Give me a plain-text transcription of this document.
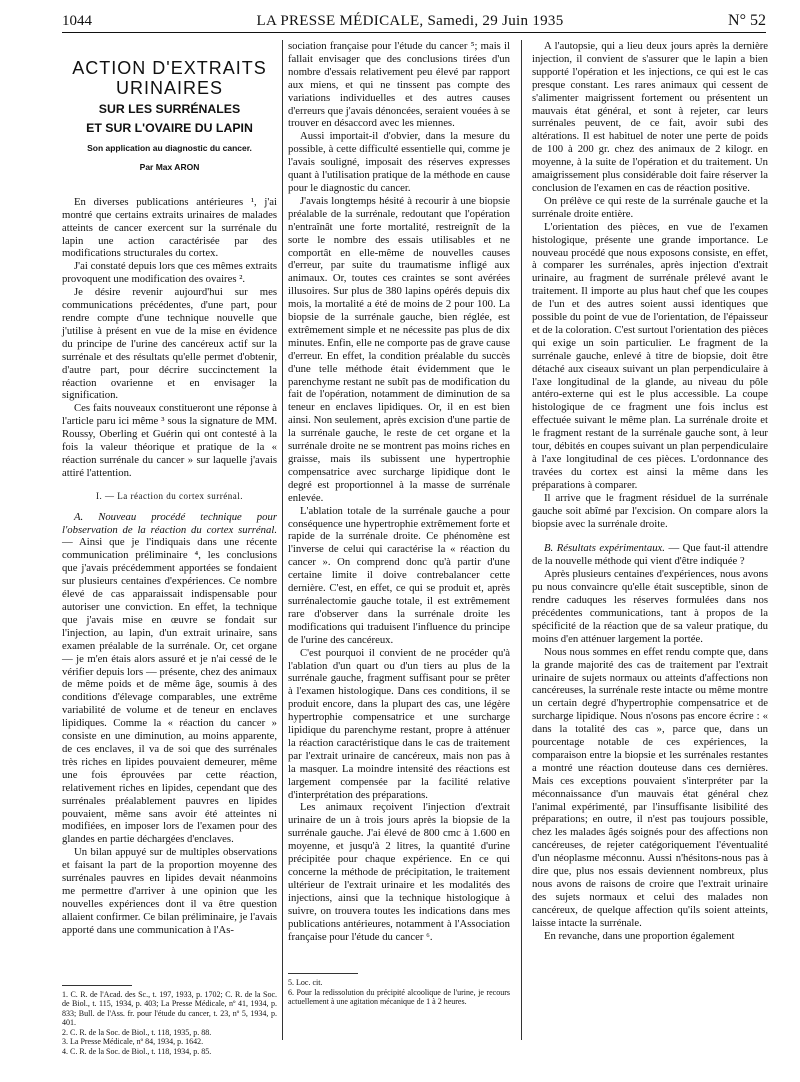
1044	LA PRESSE MÉDICALE, Samedi, 29 Juin 1935	N° 52
ACTION D'EXTRAITS URINAIRES
SUR LES SURRÉNALES
ET SUR L'OVAIRE DU LAPIN
Son application au diagnostic du cancer.
Par Max ARON

En diverses publications antérieures ¹, j'ai montré que certains extraits urinaires de malades atteints de cancer exercent sur la surrénale du lapin une action caractérisée par des modifications structurales du cortex.

J'ai constaté depuis lors que ces mêmes extraits provoquent une modification des ovaires ².

Je désire revenir aujourd'hui sur mes communications précédentes, d'une part, pour rendre compte d'une technique nouvelle que j'utilise à présent en vue de la mise en évidence du principe de l'urine des cancéreux actif sur la surrénale et des résultats qu'elle permet d'obtenir, d'autre part, pour décrire succinctement la réaction ovarienne et en envisager la signification.

Ces faits nouveaux constitueront une réponse à l'article paru ici même ³ sous la signature de MM. Roussy, Oberling et Guérin qui ont contesté à la fois la valeur théorique et pratique de la « réaction surrénale du cancer » sur laquelle j'avais attiré l'attention.

I. — La réaction du cortex surrénal.

A. Nouveau procédé technique pour l'observation de la réaction du cortex surrénal. — Ainsi que je l'indiquais dans une récente communication préliminaire ⁴, les conclusions que j'avais précédemment apportées se fondaient sur plusieurs centaines d'expériences. Ce nombre élevé de cas apparaissait indispensable pour autoriser une conviction. En effet, la technique que j'avais mise en œuvre se fondait sur l'injection, au lapin, d'un extrait urinaire, sans examen préalable de la surrénale. Or, cet organe — je m'en étais alors assuré et je n'ai cessé de le vérifier depuis lors — présente, chez des animaux de même poids et de même âge, soumis à des conditions d'élevage comparables, une extrême variabilité de volume et de teneur en enclaves lipidiques. Comme la « réaction du cancer » consiste en une diminution, au moins apparente, de ces enclaves, il va de soi que des surrénales très riches en lipides pouvaient demeurer, même une fois éprouvées par cette réaction, relativement riches en lipides, cependant que des surrénales préalablement pauvres en lipides pouvaient, même sans avoir été atteintes ni modifiées, en imposer lors de l'examen pour des glandes en partie déchargées d'enclaves.

Un bilan appuyé sur de multiples observations et faisant la part de la proportion moyenne des surrénales pauvres en lipides devait néanmoins me permettre d'arriver à une opinion que les nouvelles expériences dont il va être question allaient confirmer. Ce bilan préliminaire, je l'avais apporté dans une communication à l'As-

1. C. R. de l'Acad. des Sc., t. 197, 1933, p. 1702; C. R. de la Soc. de Biol., t. 115, 1934, p. 403; La Presse Médicale, nº 41, 1934, p. 833; Bull. de l'Ass. fr. pour l'étude du cancer, t. 23, nº 5, 1934, p. 401.
2. C. R. de la Soc. de Biol., t. 118, 1935, p. 88.
3. La Presse Médicale, nº 84, 1934, p. 1642.
4. C. R. de la Soc. de Biol., t. 118, 1934, p. 85.

sociation française pour l'étude du cancer ⁵; mais il fallait envisager que des conclusions tirées d'un nombre d'essais relativement peu élevé par rapport aux miens, et qui ne tinssent pas compte des variations individuelles et des autres causes d'erreurs que j'avais dénoncées, seraient vouées à se trouver en désaccord avec les miennes.

Aussi importait-il d'obvier, dans la mesure du possible, à cette difficulté essentielle qui, comme je l'avais souligné, imposait des réserves expresses quant à l'utilisation pratique de la méthode en cause pour le diagnostic du cancer.

J'avais longtemps hésité à recourir à une biopsie préalable de la surrénale, redoutant que l'opération n'entraînât une forte mortalité, restreignît de la sorte le nombre des essais utilisables et ne comportât en elle-même de nouvelles causes d'erreur, par suite du traumatisme infligé aux animaux. Or, toutes ces craintes se sont avérées illusoires. Sur plus de 380 lapins opérés depuis dix mois, la mortalité a été de moins de 2 pour 100. La biopsie de la surrénale gauche, bien réglée, est extrêmement simple et ne nécessite pas plus de dix minutes. Enfin, elle ne comporte pas de grave cause d'erreur. En effet, la condition préalable du succès d'une telle méthode était évidemment que le parenchyme restant ne subît pas de modification du fait de l'opération, notamment de diminution de sa teneur en enclaves lipidiques. Or, il en est bien ainsi. Non seulement, après excision d'une partie de la surrénale gauche, le reste de cet organe et la surrénale droite ne se montrent pas moins riches en graisse, mais ils subissent une hypertrophie compensatrice avec surcharge lipidique dont le degré est proportionnel à la masse de surrénale enlevée.

L'ablation totale de la surrénale gauche a pour conséquence une hypertrophie extrêmement forte et rapide de la surrénale droite. Ce phénomène est l'inverse de celui qui caractérise la « réaction du cancer ». On comprend donc qu'à partir d'une certaine limite il doive contrebalancer cette dernière. C'est, en effet, ce qui se produit et, après surrénalectomie gauche totale, il est extrêmement rare d'observer dans la surrénale droite les modifications qui traduisent l'influence du principe de l'urine des cancéreux.

C'est pourquoi il convient de ne procéder qu'à l'ablation d'un quart ou d'un tiers au plus de la surrénale gauche, fragment suffisant pour se prêter à l'examen histologique. Dans ces conditions, il se produit encore, dans la plupart des cas, une légère hypertrophie compensatrice et une surcharge lipidique du parenchyme restant, propre à atténuer la réaction caractéristique dans le cas de traitement par l'extrait urinaire de cancéreux, mais non pas à la masquer. La moindre intensité des réactions est largement compensée par la facilité relative d'interprétation des préparations.

Les animaux reçoivent l'injection d'extrait urinaire de un à trois jours après la biopsie de la surrénale gauche. J'ai élevé de 800 cmc à 1.600 en moyenne, et jusqu'à 2 litres, la quantité d'urine précipitée pour chaque expérience. En ce qui concerne la méthode de précipitation, le traitement ultérieur de l'extrait urinaire et les modalités des injections, ainsi que la technique histologique à suivre, on trouvera toutes les indications dans mes publications antérieures, notamment à l'Association française pour l'étude du cancer ⁶.

5. Loc. cit.
6. Pour la redissolution du précipité alcoolique de l'urine, je recours actuellement à une agitation mécanique de 1 à 2 heures.

A l'autopsie, qui a lieu deux jours après la dernière injection, il convient de s'assurer que le lapin a bien supporté l'opération et les injections, ce qui est le cas presque constant. Les rares animaux qui cessent de s'alimenter maigrissent fortement ou présentent un mauvais état général, et sont à rejeter, car leurs surrénales peuvent, de ce fait, avoir subi des altérations. Il est habituel de noter une perte de poids de 100 à 200 gr. chez des animaux de 2 kilogr. en moyenne, à la suite de l'opération et du traitement. Un amaigrissement plus considérable doit faire réserver la conclusion de l'examen en cas de réaction positive.

On prélève ce qui reste de la surrénale gauche et la surrénale droite entière.

L'orientation des pièces, en vue de l'examen histologique, présente une grande importance. Le nouveau procédé que nous exposons consiste, en effet, à comparer les surrénales, après injection d'extrait urinaire, au fragment de surrénale prélevé avant le traitement. Il importe au plus haut chef que les coupes de l'un et des autres soient aussi identiques que possible du point de vue de l'orientation, de l'épaisseur et de la coloration. C'est surtout l'orientation des pièces qui exige un soin particulier. Le fragment de la surrénale gauche, enlevé à titre de biopsie, doit être détaché aux ciseaux suivant un plan perpendiculaire à l'axe longitudinal de la glande, au niveau du pôle antéro-externe qui est le plus accessible. La coupe histologique de ce fragment une fois inclus est effectuée suivant le même plan. La surrénale droite et le fragment restant de la surrénale gauche sont, à leur tour, débités en coupes suivant un plan perpendiculaire à l'axe longitudinal de ces pièces. L'ordonnance des travées du cortex est ainsi la même dans les préparations à comparer.

Il arrive que le fragment résiduel de la surrénale gauche soit abîmé par l'excision. On compare alors la biopsie avec la surrénale droite.

B. Résultats expérimentaux. — Que faut-il attendre de la nouvelle méthode qui vient d'être indiquée ?

Après plusieurs centaines d'expériences, nous avons pu nous convaincre qu'elle était susceptible, sinon de rendre caduques les réserves formulées dans nos précédentes communications, tant à propos de la spécificité de la réaction que de sa valeur pratique, du moins d'en atténuer largement la portée.

Nous nous sommes en effet rendu compte que, dans la grande majorité des cas de traitement par l'extrait urinaire de sujets normaux ou atteints d'affections non cancéreuses, la surrénale reste intacte ou même montre un certain degré d'hypertrophie compensatrice et de surcharge lipidique. Nous n'osons pas encore écrire : « dans la totalité des cas », parce que, dans un pourcentage notable de ces expériences, la comparaison entre la biopsie et les surrénales restantes a montré une réaction douteuse dans ces dernières. Mais ces exceptions pouvaient s'interpréter par la méconnaissance d'un mauvais état général chez l'animal expérimenté, par l'insuffisante lisibilité des préparations; en outre, il n'est pas toujours possible, chez les malades âgés soignés pour des affections non cancéreuses, de rejeter catégoriquement l'éventualité d'un néoplasme méconnu. Aussi n'hésitons-nous pas à dire que, plus nos essais deviennent nombreux, plus nous avons de raisons de croire que l'extrait urinaire des sujets normaux et celui des malades non cancéreux, de quelque affection qu'ils soient atteints, laisse intacte la surrénale.

En revanche, dans une proportion également
